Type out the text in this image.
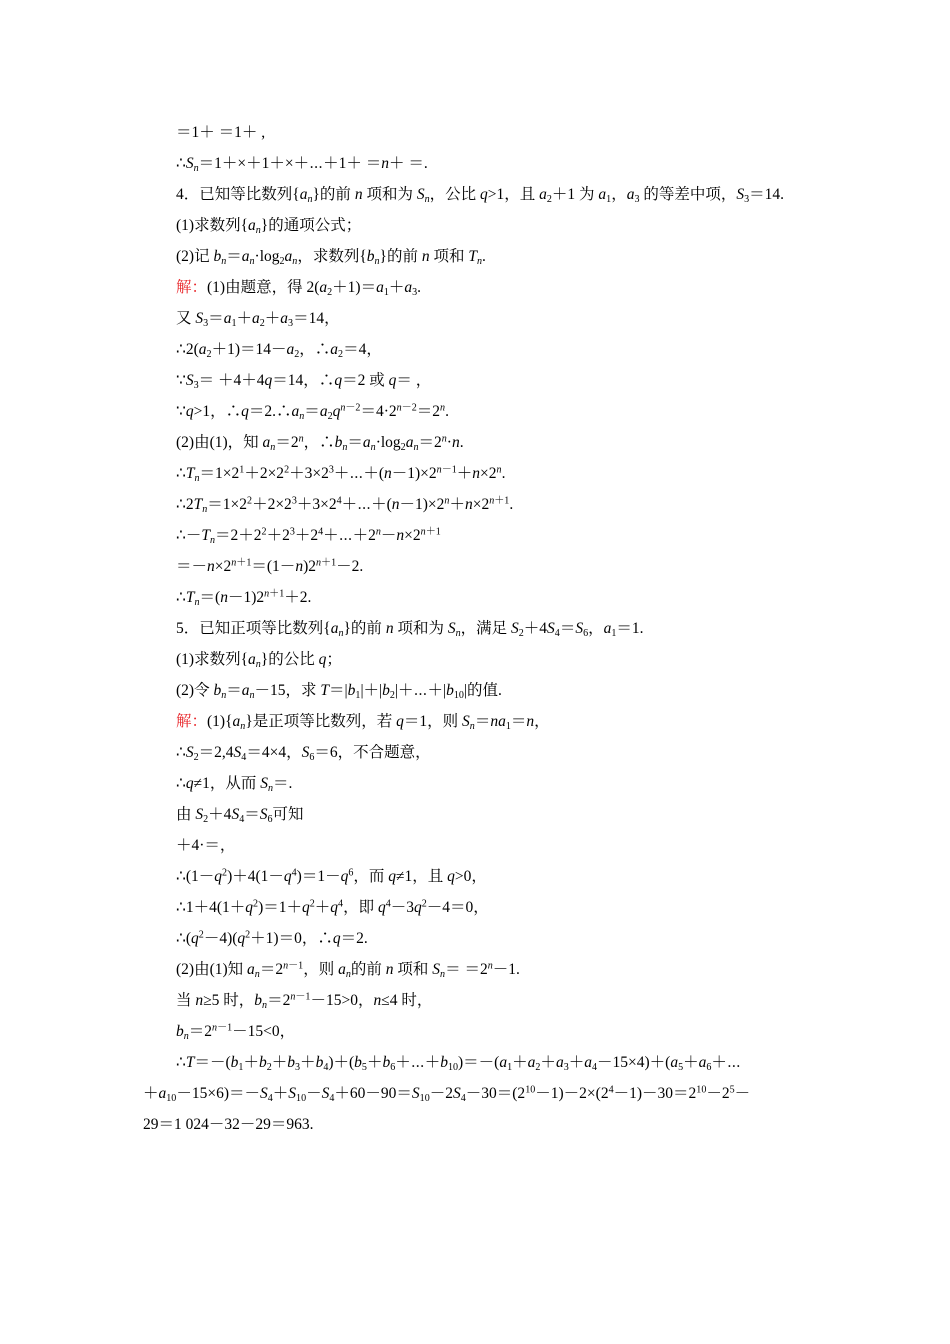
＝1＋ ＝1＋ ,
$\therefore S_n=1+\times+1+\times+\cdots+1+ =n+$ ＝.
4．已知等比数列$\{a_n\}$的前 n 项和为 $S_n$，公比 q>1，且 $a_2+1$ 为 $a_1$，$a_3$ 的等差中项，$S_3=14$.
(1)求数列$\{a_n\}$的通项公式；
(2)记 $b_n=a_n\cdot\log_2a_n$，求数列$\{b_n\}$的前 n 项和 $T_n$.
解：(1)由题意，得 $2(a_2+1)=a_1+a_3$.
又 $S_3=a_1+a_2+a_3=14$，
$\therefore 2(a_2+1)=14-a_2$，$\therefore a_2=4$，
$\because S_3= +4+4q=14$，∴q＝2 或 q＝ ，
∵q>1，$\therefore q=2.\therefore a_n=a_2q^{n-2}=4\cdot 2^{n-2}=2^n$.
(2)由(1)，知 $a_n=2^n$，$\therefore b_n=a_n\cdot\log_2a_n=2^n\cdot n$.
$\therefore T_n=1\times 2^1+2\times 2^2+3\times 2^3+\cdots+(n-1)\times 2^{n-1}+n\times 2^n$.
$\therefore 2T_n=1\times 2^2+2\times 2^3+3\times 2^4+\cdots+(n-1)\times 2^n+n\times 2^{n+1}$.
$\therefore-T_n=2+2^2+2^3+2^4+\cdots+2^n-n\times 2^{n+1}$
$=-n\times 2^{n+1}=(1-n)2^{n+1}-2$.
$\therefore T_n=(n-1)2^{n+1}+2$.
5．已知正项等比数列$\{a_n\}$的前 n 项和为 $S_n$，满足 $S_2+4S_4=S_6$，$a_1=1$.
(1)求数列$\{a_n\}$的公比 q；
(2)令 $b_n=a_n-15$，求 $T=|b_1|+|b_2|+\cdots+|b_{10}|$的值.
解：$(1)\{a_n\}$是正项等比数列，若 q＝1，则 $S_n=na_1=n$，
$\therefore S_2=2,4S_4=4\times 4$，$S_6=6$，不合题意，
∴q≠1，从而 $S_n=$.
由 $S_2+4S_4=S_6$可知
＋4·＝，
$\therefore(1-q^2)+4(1-q^4)=1-q^6$，而 q≠1，且 q>0，
$\therefore 1+4(1+q^2)=1+q^2+q^4$，即 $q^4-3q^2-4=0$，
$\therefore(q^2-4)(q^2+1)=0$，∴q＝2.
(2)由(1)知 $a_n=2^{n-1}$，则 $a_n$的前 n 项和 $S_n= =2^n-1$.
当 n≥5 时，$b_n=2^{n-1}-15>0$，n≤4 时，
$b_n=2^{n-1}-15<0$，
$\therefore T=-(b_1+b_2+b_3+b_4)+(b_5+b_6+\cdots+b_{10})=-(a_1+a_2+a_3+a_4-15\times 4)+(a_5+a_6+\cdots$
$+a_{10}-15\times 6)=-S_4+S_{10}-S_4+60-90=S_{10}-2S_4-30=(2^{10}-1)-2\times(2^4-1)-30=2^{10}-2^5-$
29＝1 024－32－29＝963.
